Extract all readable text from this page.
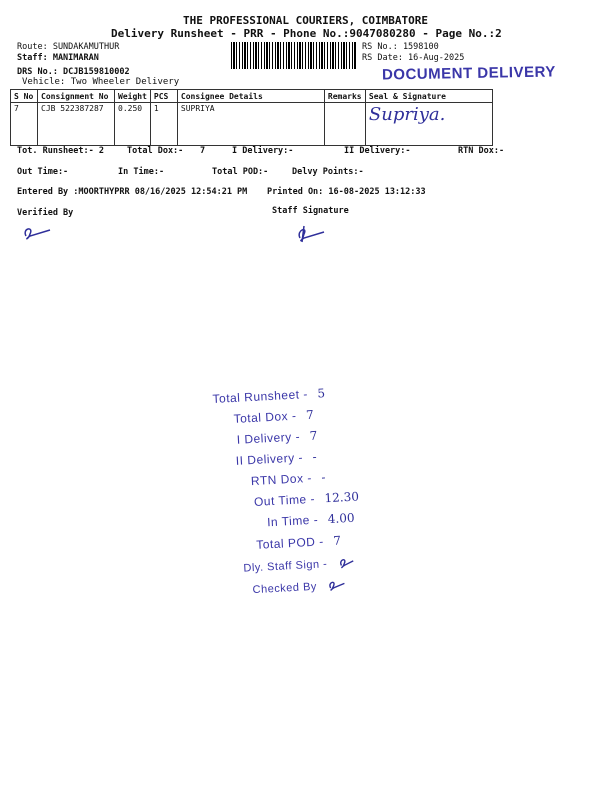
THE PROFESSIONAL COURIERS, COIMBATORE
Delivery Runsheet - PRR - Phone No.:9047080280 - Page No.:2
Route: SUNDAKAMUTHUR
Staff: MANIMARAN
DRS No.: DCJB159810002
Vehicle: Two Wheeler Delivery
RS No.: 1598100
RS Date: 16-Aug-2025
DOCUMENT DELIVERY
S No	Consignment No	Weight	PCS	Consignee Details	Remarks	Seal & Signature
7	CJB 522387287	0.250	1	SUPRIYA		Supriya.
Tot. Runsheet:- 2	Total Dox:- 7	I Delivery:-	II Delivery:-	RTN Dox:-
Out Time:-	In Time:-	Total POD:-	Delvy Points:-
Entered By :MOORTHYPRR 08/16/2025 12:54:21 PM Printed On: 16-08-2025 13:12:33
Verified By	Staff Signature
Total Runsheet - 5
Total Dox - 7
I Delivery - 7
II Delivery - -
RTN Dox - -
Out Time - 12.30
In Time - 4.00
Total POD - 7
Dly. Staff Sign -
Checked By
